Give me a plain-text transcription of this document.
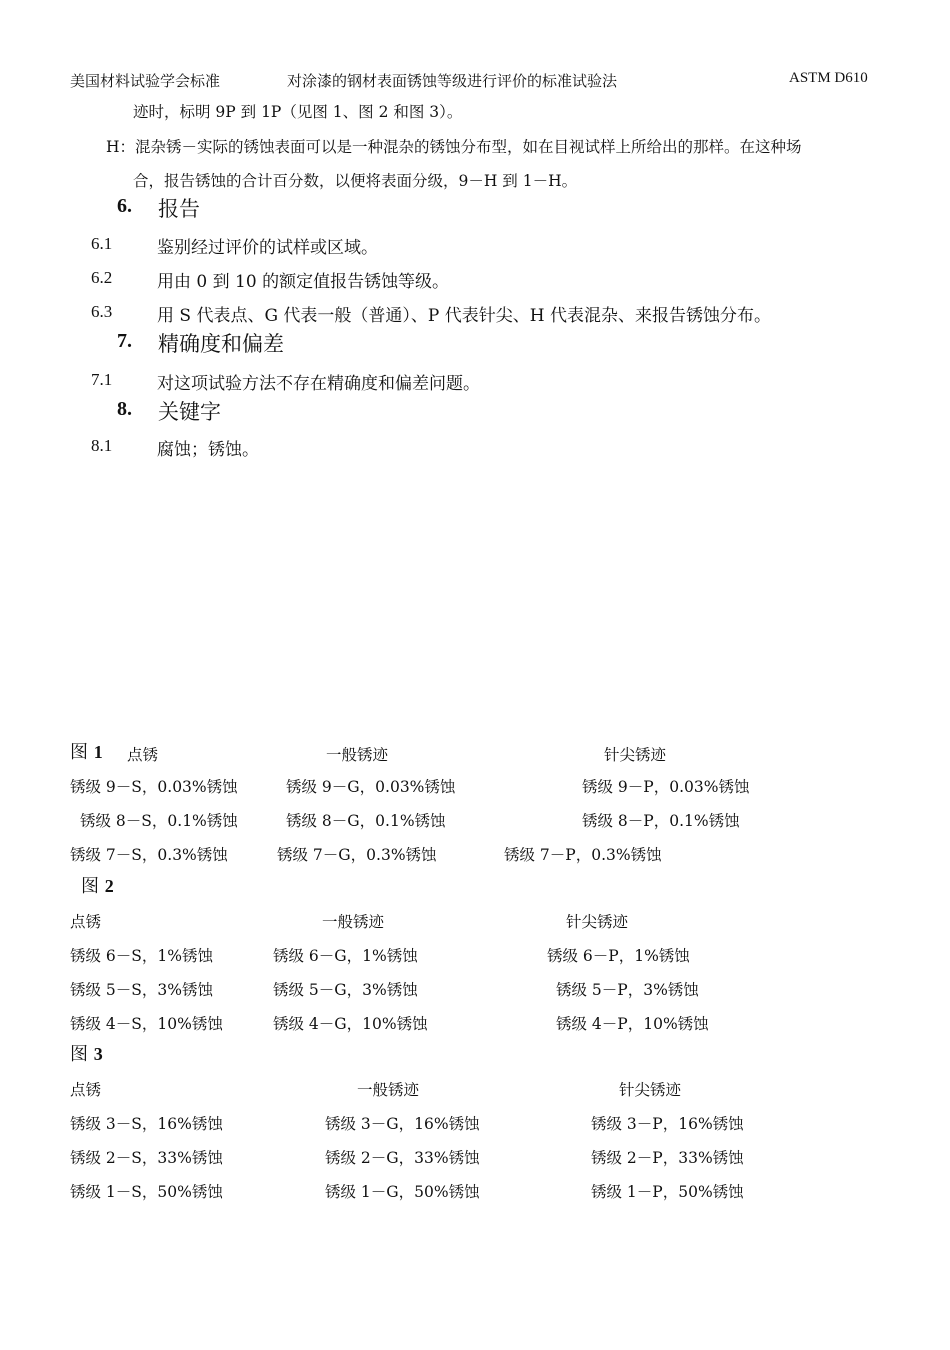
美国材料试验学会标准	对涂漆的钢材表面锈蚀等级进行评价的标准试验法	ASTM D610
迹时，标明 9P 到 1P（见图 1、图 2 和图 3）。
H：混杂锈－实际的锈蚀表面可以是一种混杂的锈蚀分布型，如在目视试样上所给出的那样。在这种场
合，报告锈蚀的合计百分数，以便将表面分级，9－H 到 1－H。
6. 报告
6.1	鉴别经过评价的试样或区域。
6.2	用由 0 到 10 的额定值报告锈蚀等级。
6.3	用 S 代表点、G 代表一般（普通）、P 代表针尖、H 代表混杂、来报告锈蚀分布。
7. 精确度和偏差
7.1	对这项试验方法不存在精确度和偏差问题。
8. 关键字
8.1	腐蚀；锈蚀。
图 1 点锈	一般锈迹	针尖锈迹
锈级 9－S，0.03%锈蚀	锈级 9－G，0.03%锈蚀	锈级 9－P，0.03%锈蚀
锈级 8－S，0.1%锈蚀	锈级 8－G，0.1%锈蚀	锈级 8－P，0.1%锈蚀
锈级 7－S，0.3%锈蚀	锈级 7－G，0.3%锈蚀	锈级 7－P，0.3%锈蚀
图 2
点锈	一般锈迹	针尖锈迹
锈级 6－S，1%锈蚀	锈级 6－G，1%锈蚀	锈级 6－P，1%锈蚀
锈级 5－S，3%锈蚀	锈级 5－G，3%锈蚀	锈级 5－P，3%锈蚀
锈级 4－S，10%锈蚀	锈级 4－G，10%锈蚀	锈级 4－P，10%锈蚀
图 3
点锈	一般锈迹	针尖锈迹
锈级 3－S，16%锈蚀	锈级 3－G，16%锈蚀	锈级 3－P，16%锈蚀
锈级 2－S，33%锈蚀	锈级 2－G，33%锈蚀	锈级 2－P，33%锈蚀
锈级 1－S，50%锈蚀	锈级 1－G，50%锈蚀	锈级 1－P，50%锈蚀
